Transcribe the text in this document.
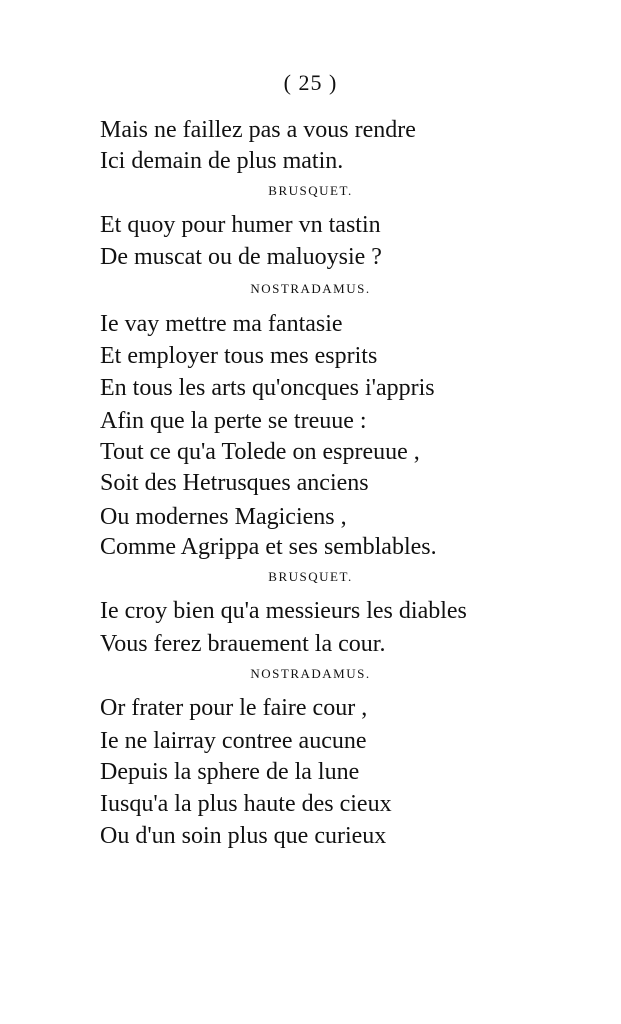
( 25 )
Mais ne faillez pas a vous rendre
Ici demain de plus matin.
BRUSQUET.
Et quoy pour humer vn tastin
De muscat ou de maluoysie ?
NOSTRADAMUS.
Ie vay mettre ma fantasie
Et employer tous mes esprits
En tous les arts qu'oncques i'appris
Afin que la perte se treuue :
Tout ce qu'a Tolede on espreuue ,
Soit des Hetrusques anciens
Ou modernes Magiciens ,
Comme Agrippa et ses semblables.
BRUSQUET.
Ie croy bien qu'a messieurs les diables
Vous ferez brauement la cour.
NOSTRADAMUS.
Or frater pour le faire cour ,
Ie ne lairray contree aucune
Depuis la sphere de la lune
Iusqu'a la plus haute des cieux
Ou d'un soin plus que curieux
